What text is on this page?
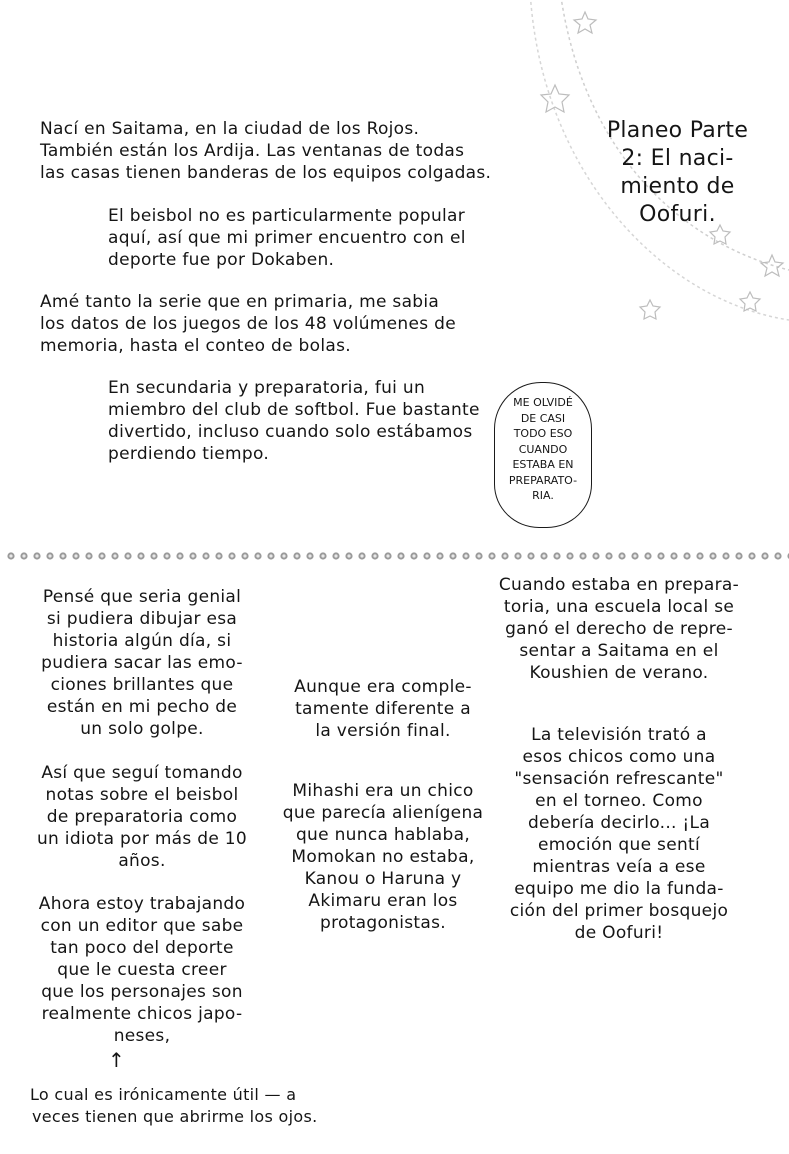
Planeo Parte
2: El naci-
miento de
Oofuri.
Nací en Saitama, en la ciudad de los Rojos.
También están los Ardija. Las ventanas de todas
las casas tienen banderas de los equipos colgadas.
El beisbol no es particularmente popular
aquí, así que mi primer encuentro con el
deporte fue por Dokaben.
Amé tanto la serie que en primaria, me sabia
los datos de los juegos de los 48 volúmenes de
memoria, hasta el conteo de bolas.
En secundaria y preparatoria, fui un
miembro del club de softbol. Fue bastante
divertido, incluso cuando solo estábamos
perdiendo tiempo.
ME OLVIDÉ
DE CASI
TODO ESO
CUANDO
ESTABA EN
PREPARATO-
RIA.
Pensé que seria genial
si pudiera dibujar esa
historia algún día, si
pudiera sacar las emo-
ciones brillantes que
están en mi pecho de
un solo golpe.
Así que seguí tomando
notas sobre el beisbol
de preparatoria como
un idiota por más de 10
años.
Ahora estoy trabajando
con un editor que sabe
tan poco del deporte
que le cuesta creer
que los personajes son
realmente chicos japo-
neses,
↑
Lo cual es irónicamente útil — a
veces tienen que abrirme los ojos.
Aunque era comple-
tamente diferente a
la versión final.
Mihashi era un chico
que parecía alienígena
que nunca hablaba,
Momokan no estaba,
Kanou o Haruna y
Akimaru eran los
protagonistas.
Cuando estaba en prepara-
toria, una escuela local se
ganó el derecho de repre-
sentar a Saitama en el
Koushien de verano.
La televisión trató a
esos chicos como una
"sensación refrescante"
en el torneo. Como
debería decirlo... ¡La
emoción que sentí
mientras veía a ese
equipo me dio la funda-
ción del primer bosquejo
de Oofuri!
